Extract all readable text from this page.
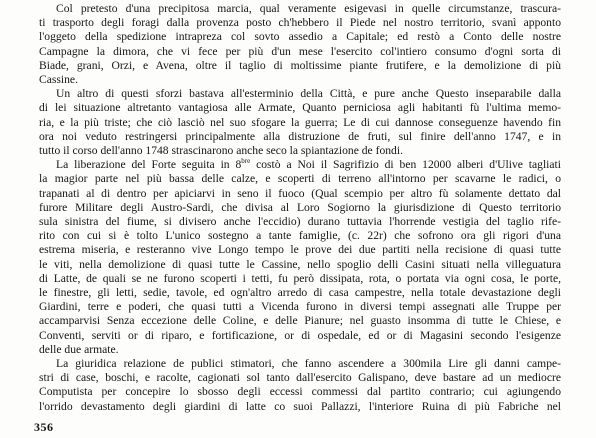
Col pretesto d'una precipitosa marcia, qual veramente esigevasi in quelle circumstanze, trascura-
ti trasporto degli foragi dalla provenza posto ch'hebbero il Piede nel nostro territorio, svanì apponto
l'oggeto della spedizione intrapreza col sovto assedio a Capitale; ed restò a Conto delle nostre
Campagne la dimora, che vi fece per più d'un mese l'esercito col'intiero consumo d'ogni sorta di
Biade, grani, Orzi, e Avena, oltre il taglio di moltissime piante frutifere, e la demolizione di più
Cassine.
Un altro di questi sforzi bastava all'esterminio della Città, e pure anche Questo inseparabile dalla
di lei situazione altretanto vantagiosa alle Armate, Quanto perniciosa agli habitanti fù l'ultima memo-
ria, e la più triste; che ciò lasciò nel suo sfogare la guerra; Le di cui dannose conseguenze havendo fin
ora noi veduto restringersi principalmente alla distruzione de fruti, sul finire dell'anno 1747, e in
tutto il corso dell'anno 1748 strascinarono anche seco la spiantazione de fondi.
La liberazione del Forte seguita in $8^{bre}$ costò a Noi il Sagrifizio di ben 12000 alberi d'Ulive tagliati
la magior parte nel più bassa delle calze, e scoperti di terreno all'intorno per scavarne le radici, o
trapanati al di dentro per apiciarvi in seno il fuoco (Qual scempio per altro fù solamente dettato dal
furore Militare degli Austro-Sardi, che divisa al Loro Sogiorno la giurisdizione di Questo territorio
sula sinistra del fiume, si divisero anche l'eccidio) durano tuttavia l'horrende vestigia del taglio rife-
rito con cui si è tolto L'unico sostegno a tante famiglie, (c. 22r) che sofrono ora gli rigori d'una
estrema miseria, e resteranno vive Longo tempo le prove dei due partiti nella recisione di quasi tutte
le viti, nella demolizione di quasi tutte le Cassine, nello spoglio delli Casini situati nella villeguatura
di Latte, de quali se ne furono scoperti i tetti, fu però dissipata, rota, o portata via ogni cosa, le porte,
le finestre, gli letti, sedie, tavole, ed ogn'altro arredo di casa campestre, nella totale devastazione degli
Giardini, terre e poderi, che quasi tutti a Vicenda furono in diversi tempi assegnati alle Truppe per
accamparvisi Senza eccezione delle Coline, e delle Pianure; nel guasto insomma di tutte le Chiese, e
Conventi, serviti or di riparo, e fortificazione, or di ospedale, ed or di Magasini secondo l'esigenze
delle due armate.
La giuridica relazione de publici stimatori, che fanno ascendere a 300mila Lire gli danni campe-
stri di case, boschi, e racolte, cagionati sol tanto dall'esercito Galispano, deve bastare ad un mediocre
Computista per concepire lo sbosso degli eccessi commessi dal partito contrario; cui agiungendo
l'orrido devastamento degli giardini di latte co suoi Pallazzi, l'interiore Ruina di più Fabriche nel
356
